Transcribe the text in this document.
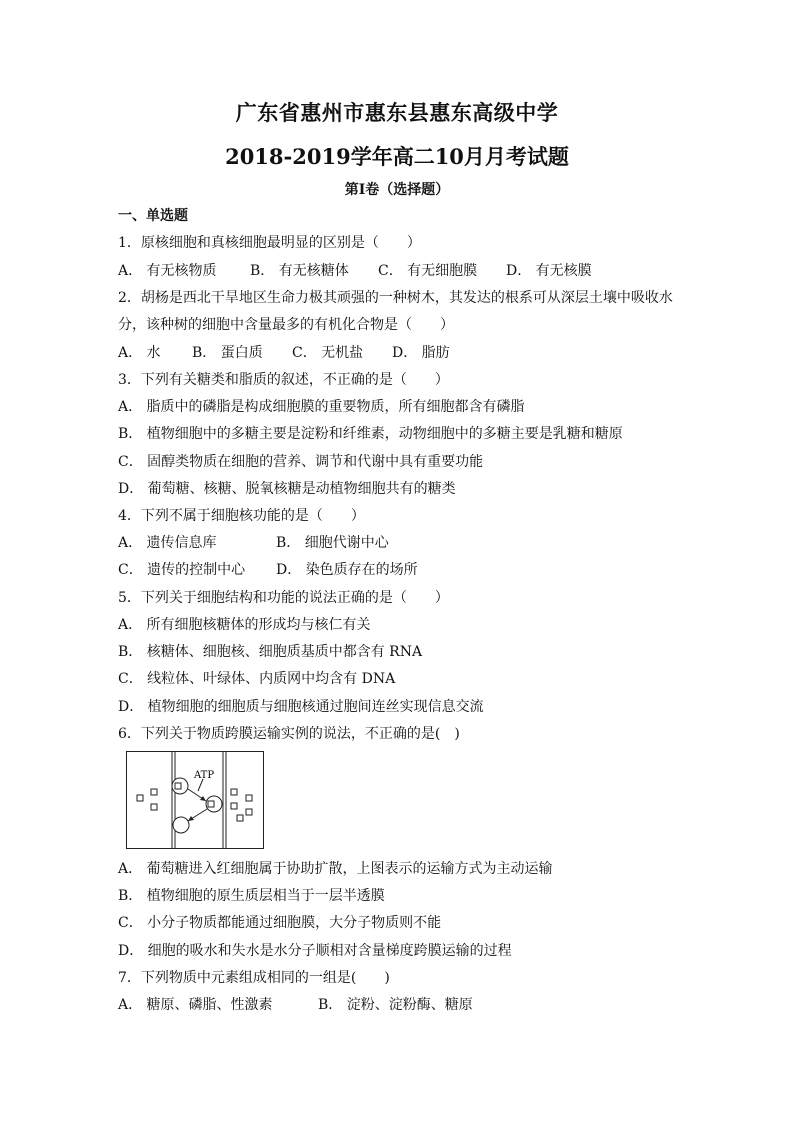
广东省惠州市惠东县惠东高级中学
2018-2019学年高二10月月考试题
第I卷（选择题）
一、单选题
1．原核细胞和真核细胞最明显的区别是（　　）
A． 有无核物质 B． 有无核糖体 C． 有无细胞膜 D． 有无核膜
2．胡杨是西北干旱地区生命力极其顽强的一种树木，其发达的根系可从深层土壤中吸收水
分，该种树的细胞中含量最多的有机化合物是（　　）
A． 水 B． 蛋白质 C． 无机盐 D． 脂肪
3．下列有关糖类和脂质的叙述，不正确的是（　　）
A． 脂质中的磷脂是构成细胞膜的重要物质，所有细胞都含有磷脂
B． 植物细胞中的多糖主要是淀粉和纤维素，动物细胞中的多糖主要是乳糖和糖原
C． 固醇类物质在细胞的营养、调节和代谢中具有重要功能
D． 葡萄糖、核糖、脱氧核糖是动植物细胞共有的糖类
4．下列不属于细胞核功能的是（　　）
A． 遗传信息库	B． 细胞代谢中心
C． 遗传的控制中心 D． 染色质存在的场所
5．下列关于细胞结构和功能的说法正确的是（　　）
A． 所有细胞核糖体的形成均与核仁有关
B． 核糖体、细胞核、细胞质基质中都含有 RNA
C． 线粒体、叶绿体、内质网中均含有 DNA
D． 植物细胞的细胞质与细胞核通过胞间连丝实现信息交流
6．下列关于物质跨膜运输实例的说法，不正确的是(　)
ATP
A． 葡萄糖进入红细胞属于协助扩散，上图表示的运输方式为主动运输
B． 植物细胞的原生质层相当于一层半透膜
C． 小分子物质都能通过细胞膜，大分子物质则不能
D． 细胞的吸水和失水是水分子顺相对含量梯度跨膜运输的过程
7．下列物质中元素组成相同的一组是(　　)
A． 糖原、磷脂、性激素	B． 淀粉、淀粉酶、糖原
